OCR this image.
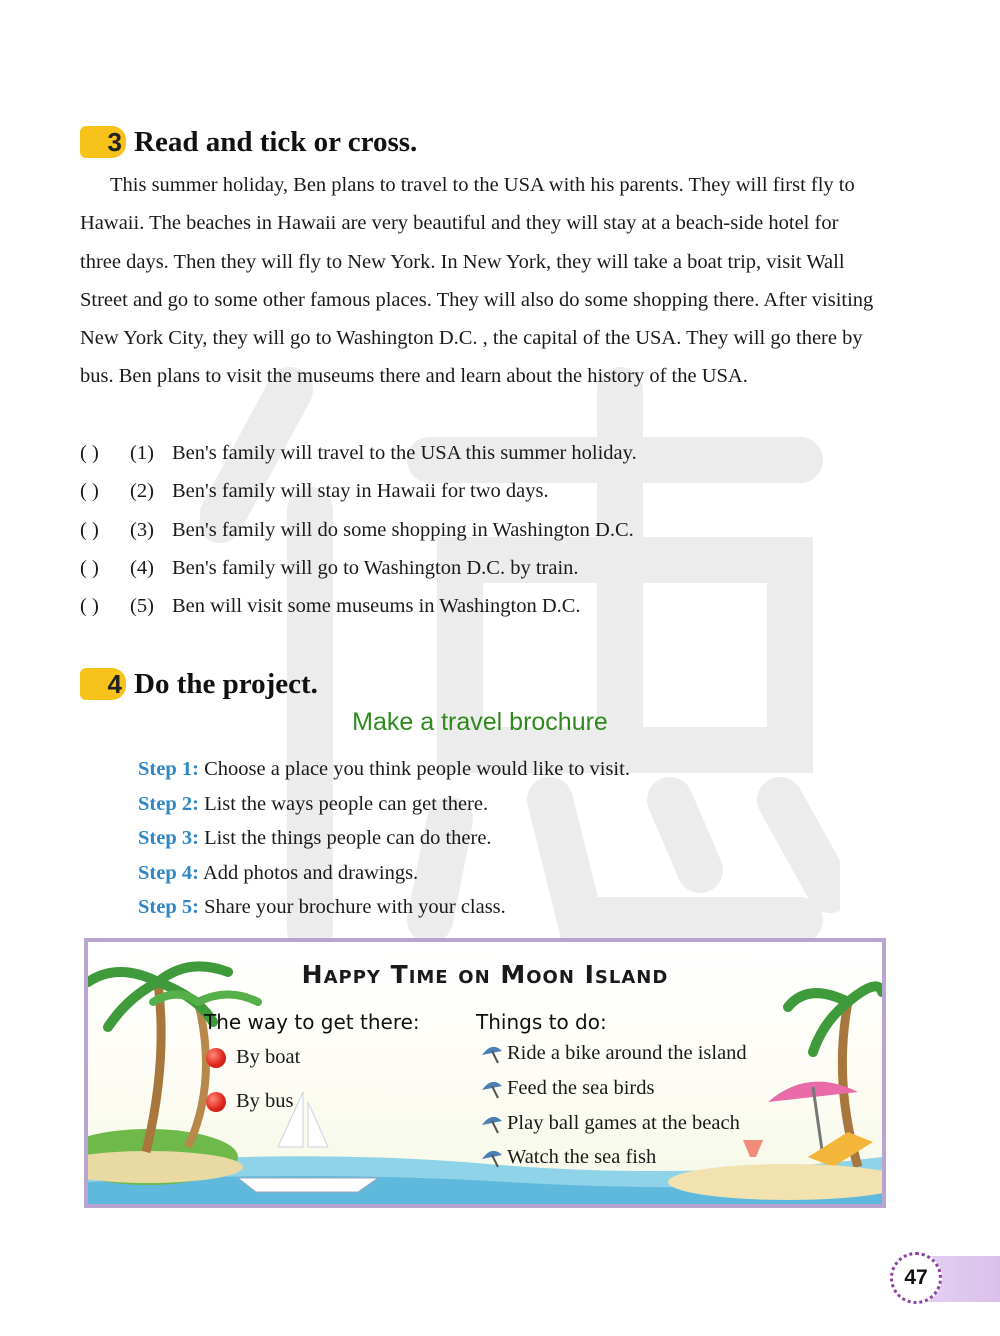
3 Read and tick or cross.

This summer holiday, Ben plans to travel to the USA with his parents. They will first fly to Hawaii. The beaches in Hawaii are very beautiful and they will stay at a beach-side hotel for three days. Then they will fly to New York. In New York, they will take a boat trip, visit Wall Street and go to some other famous places. They will also do some shopping there. After visiting New York City, they will go to Washington D.C. , the capital of the USA. They will go there by bus. Ben plans to visit the museums there and learn about the history of the USA.

( )	(1) Ben's family will travel to the USA this summer holiday.
( )	(2) Ben's family will stay in Hawaii for two days.
( )	(3) Ben's family will do some shopping in Washington D.C.
( )	(4) Ben's family will go to Washington D.C. by train.
( )	(5) Ben will visit some museums in Washington D.C.
4 Do the project.
Make a travel brochure
Step 1: Choose a place you think people would like to visit.
Step 2: List the ways people can get there.
Step 3: List the things people can do there.
Step 4: Add photos and drawings.
Step 5: Share your brochure with your class.
Happy Time on Moon Island
The way to get there:
By boat
By bus
Things to do:
Ride a bike around the island
Feed the sea birds
Play ball games at the beach
Watch the sea fish
47
